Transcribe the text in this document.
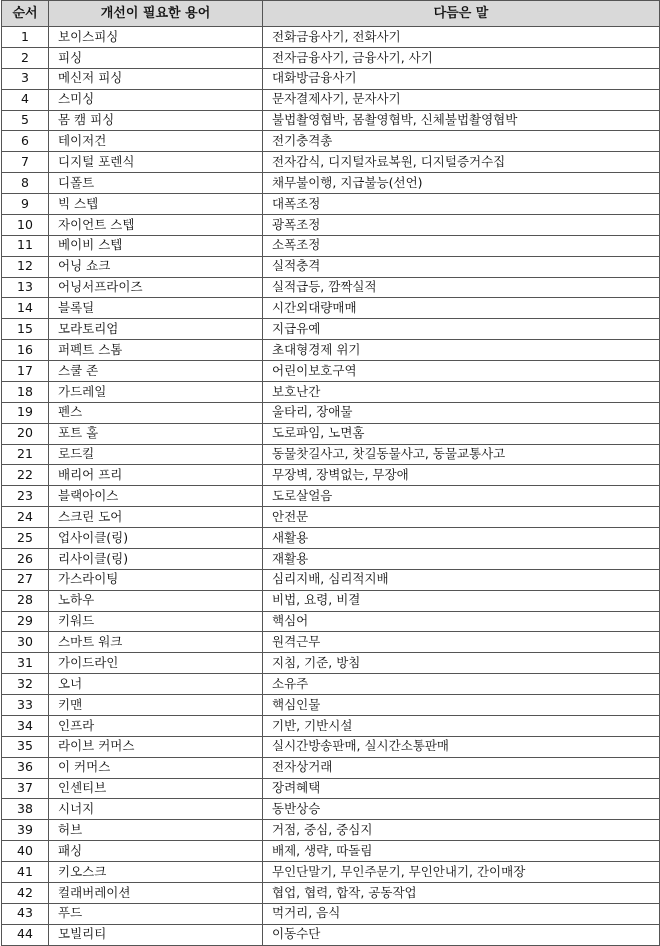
순서	개선이 필요한 용어	다듬은 말
1	보이스피싱	전화금융사기, 전화사기
2	피싱	전자금융사기, 금융사기, 사기
3	메신저 피싱	대화방금융사기
4	스미싱	문자결제사기, 문자사기
5	몸 캠 피싱	불법촬영협박, 몸촬영협박, 신체불법촬영협박
6	테이저건	전기충격총
7	디지털 포렌식	전자감식, 디지털자료복원, 디지털증거수집
8	디폴트	채무불이행, 지급불능(선언)
9	빅 스텝	대폭조정
10	자이언트 스텝	광폭조정
11	베이비 스텝	소폭조정
12	어닝 쇼크	실적충격
13	어닝서프라이즈	실적급등, 깜짝실적
14	블록딜	시간외대량매매
15	모라토리엄	지급유예
16	퍼펙트 스톰	초대형경제 위기
17	스쿨 존	어린이보호구역
18	가드레일	보호난간
19	펜스	울타리, 장애물
20	포트 홀	도로파임, 노면홈
21	로드킬	동물찻길사고, 찻길동물사고, 동물교통사고
22	배리어 프리	무장벽, 장벽없는, 무장애
23	블랙아이스	도로살얼음
24	스크린 도어	안전문
25	업사이클(링)	새활용
26	리사이클(링)	재활용
27	가스라이팅	심리지배, 심리적지배
28	노하우	비법, 요령, 비결
29	키워드	핵심어
30	스마트 워크	원격근무
31	가이드라인	지침, 기준, 방침
32	오너	소유주
33	키맨	핵심인물
34	인프라	기반, 기반시설
35	라이브 커머스	실시간방송판매, 실시간소통판매
36	이 커머스	전자상거래
37	인센티브	장려혜택
38	시너지	동반상승
39	허브	거점, 중심, 중심지
40	패싱	배제, 생략, 따돌림
41	키오스크	무인단말기, 무인주문기, 무인안내기, 간이매장
42	컬래버레이션	협업, 협력, 합작, 공동작업
43	푸드	먹거리, 음식
44	모빌리티	이동수단
